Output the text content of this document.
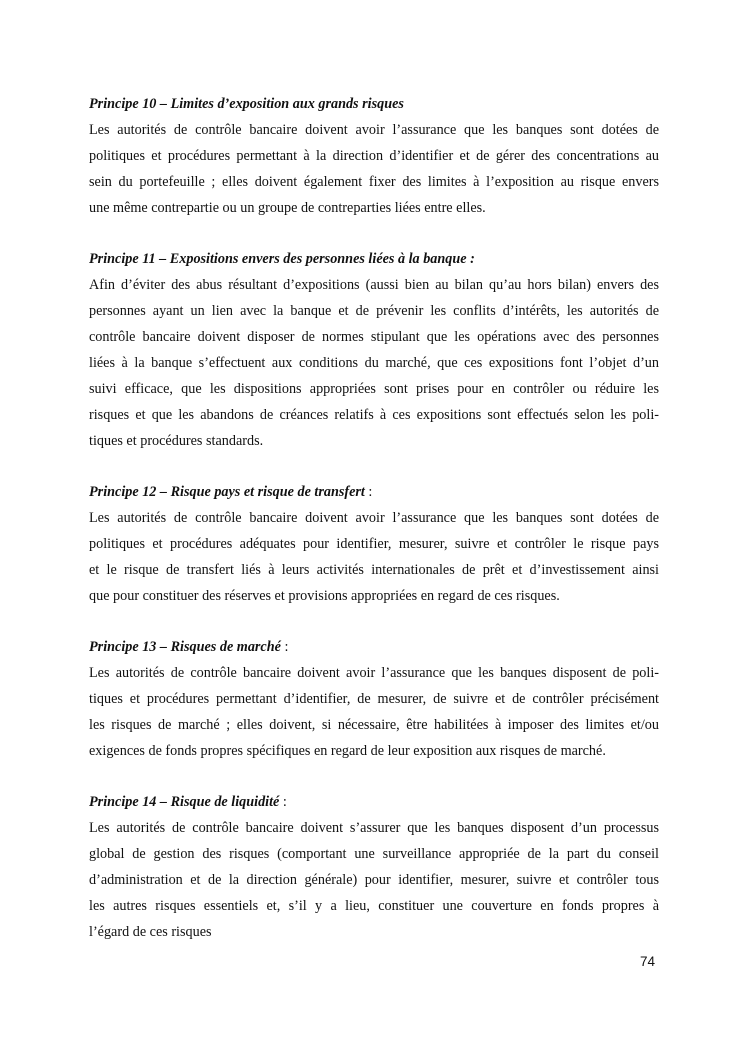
Principe 10 – Limites d’exposition aux grands risques
Les autorités de contrôle bancaire doivent avoir l’assurance que les banques sont dotées de
politiques et procédures permettant à la direction d’identifier et de gérer des concentrations au
sein du portefeuille ; elles doivent également fixer des limites à l’exposition au risque envers
une même contrepartie ou un groupe de contreparties liées entre elles.
Principe 11 – Expositions envers des personnes liées à la banque :
Afin d’éviter des abus résultant d’expositions (aussi bien au bilan qu’au hors bilan) envers des
personnes ayant un lien avec la banque et de prévenir les conflits d’intérêts, les autorités de
contrôle bancaire doivent disposer de normes stipulant que les opérations avec des personnes
liées à la banque s’effectuent aux conditions du marché, que ces expositions font l’objet d’un
suivi efficace, que les dispositions appropriées sont prises pour en contrôler ou réduire les
risques et que les abandons de créances relatifs à ces expositions sont effectués selon les poli-
tiques et procédures standards.
Principe 12 – Risque pays et risque de transfert :
Les autorités de contrôle bancaire doivent avoir l’assurance que les banques sont dotées de
politiques et procédures adéquates pour identifier, mesurer, suivre et contrôler le risque pays
et le risque de transfert liés à leurs activités internationales de prêt et d’investissement ainsi
que pour constituer des réserves et provisions appropriées en regard de ces risques.
Principe 13 – Risques de marché :
Les autorités de contrôle bancaire doivent avoir l’assurance que les banques disposent de poli-
tiques et procédures permettant d’identifier, de mesurer, de suivre et de contrôler précisément
les risques de marché ; elles doivent, si nécessaire, être habilitées à imposer des limites et/ou
exigences de fonds propres spécifiques en regard de leur exposition aux risques de marché.
Principe 14 – Risque de liquidité :
Les autorités de contrôle bancaire doivent s’assurer que les banques disposent d’un processus
global de gestion des risques (comportant une surveillance appropriée de la part du conseil
d’administration et de la direction générale) pour identifier, mesurer, suivre et contrôler tous
les autres risques essentiels et, s’il y a lieu, constituer une couverture en fonds propres à
l’égard de ces risques
74
